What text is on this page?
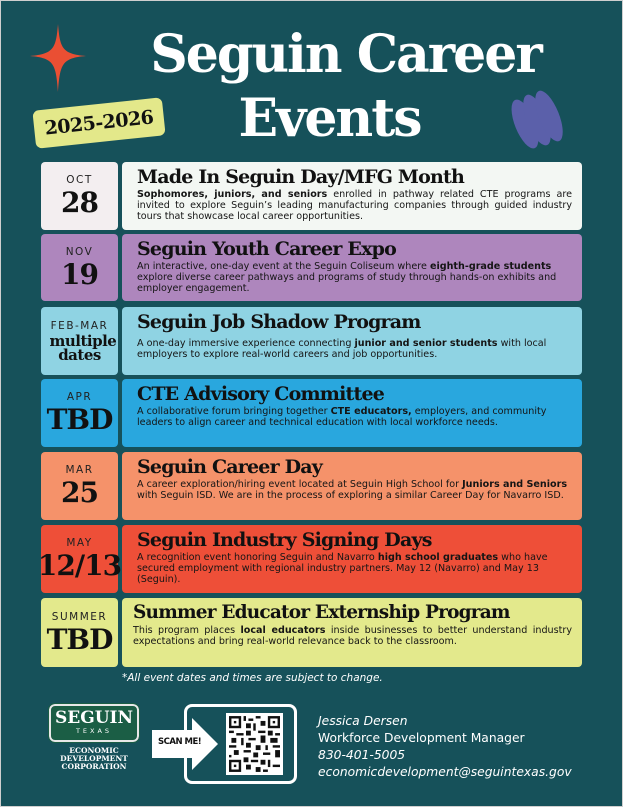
Seguin Career
Events
2025-2026
OCT
28
Made In Seguin Day/MFG Month
Sophomores, juniors, and seniors enrolled in pathway related CTE programs are invited to explore Seguin’s leading manufacturing companies through guided industry tours that showcase local career opportunities.
NOV
19
Seguin Youth Career Expo
An interactive, one-day event at the Seguin Coliseum where eighth-grade students explore diverse career pathways and programs of study through hands-on exhibits and employer engagement.
FEB-MAR
multiple dates
Seguin Job Shadow Program
A one-day immersive experience connecting junior and senior students with local employers to explore real-world careers and job opportunities.
APR
TBD
CTE Advisory Committee
A collaborative forum bringing together CTE educators, employers, and community leaders to align career and technical education with local workforce needs.
MAR
25
Seguin Career Day
A career exploration/hiring event located at Seguin High School for Juniors and Seniors with Seguin ISD. We are in the process of exploring a similar Career Day for Navarro ISD.
MAY
12/13
Seguin Industry Signing Days
A recognition event honoring Seguin and Navarro high school graduates who have secured employment with regional industry partners. May 12 (Navarro) and May 13 (Seguin).
SUMMER
TBD
Summer Educator Externship Program
This program places local educators inside businesses to better understand industry expectations and bring real-world relevance back to the classroom.
*All event dates and times are subject to change.
SEGUIN
TEXAS
ECONOMIC
DEVELOPMENT
CORPORATION
SCAN ME!
Jessica Dersen
Workforce Development Manager
830-401-5005
economicdevelopment@seguintexas.gov
